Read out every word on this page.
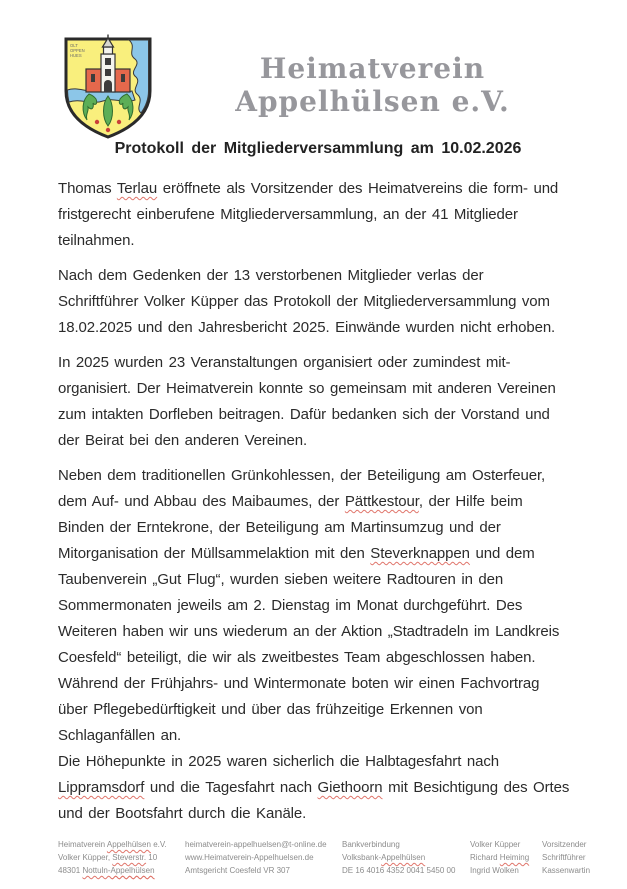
OLT
OPPEN
HUES	Heimatverein Appelhülsen e.V.
Protokoll der Mitgliederversammlung am 10.02.2026
Thomas Terlau eröffnete als Vorsitzender des Heimatvereins die form- und
fristgerecht einberufene Mitgliederversammlung, an der 41 Mitglieder
teilnahmen.
Nach dem Gedenken der 13 verstorbenen Mitglieder verlas der
Schriftführer Volker Küpper das Protokoll der Mitgliederversammlung vom
18.02.2025 und den Jahresbericht 2025. Einwände wurden nicht erhoben.
In 2025 wurden 23 Veranstaltungen organisiert oder zumindest mit-
organisiert. Der Heimatverein konnte so gemeinsam mit anderen Vereinen
zum intakten Dorfleben beitragen. Dafür bedanken sich der Vorstand und
der Beirat bei den anderen Vereinen.
Neben dem traditionellen Grünkohlessen, der Beteiligung am Osterfeuer,
dem Auf- und Abbau des Maibaumes, der Pättkestour, der Hilfe beim
Binden der Erntekrone, der Beteiligung am Martinsumzug und der
Mitorganisation der Müllsammelaktion mit den Steverknappen und dem
Taubenverein „Gut Flug“, wurden sieben weitere Radtouren in den
Sommermonaten jeweils am 2. Dienstag im Monat durchgeführt. Des
Weiteren haben wir uns wiederum an der Aktion „Stadtradeln im Landkreis
Coesfeld“ beteiligt, die wir als zweitbestes Team abgeschlossen haben.
Während der Frühjahrs- und Wintermonate boten wir einen Fachvortrag
über Pflegebedürftigkeit und über das frühzeitige Erkennen von
Schlaganfällen an.
Die Höhepunkte in 2025 waren sicherlich die Halbtagesfahrt nach
Lippramsdorf und die Tagesfahrt nach Giethoorn mit Besichtigung des Ortes
und der Bootsfahrt durch die Kanäle.
Heimatverein Appelhülsen e.V.
Volker Küpper, Steverstr. 10
48301 Nottuln-Appelhülsen
heimatverein-appelhuelsen@t-online.de
www.Heimatverein-Appelhuelsen.de
Amtsgericht Coesfeld VR 307
Bankverbindung
Volksbank-Appelhülsen
DE 16 4016 4352 0041 5450 00
Volker Küpper
Richard Heiming
Ingrid Wolken
Vorsitzender
Schriftführer
Kassenwartin
